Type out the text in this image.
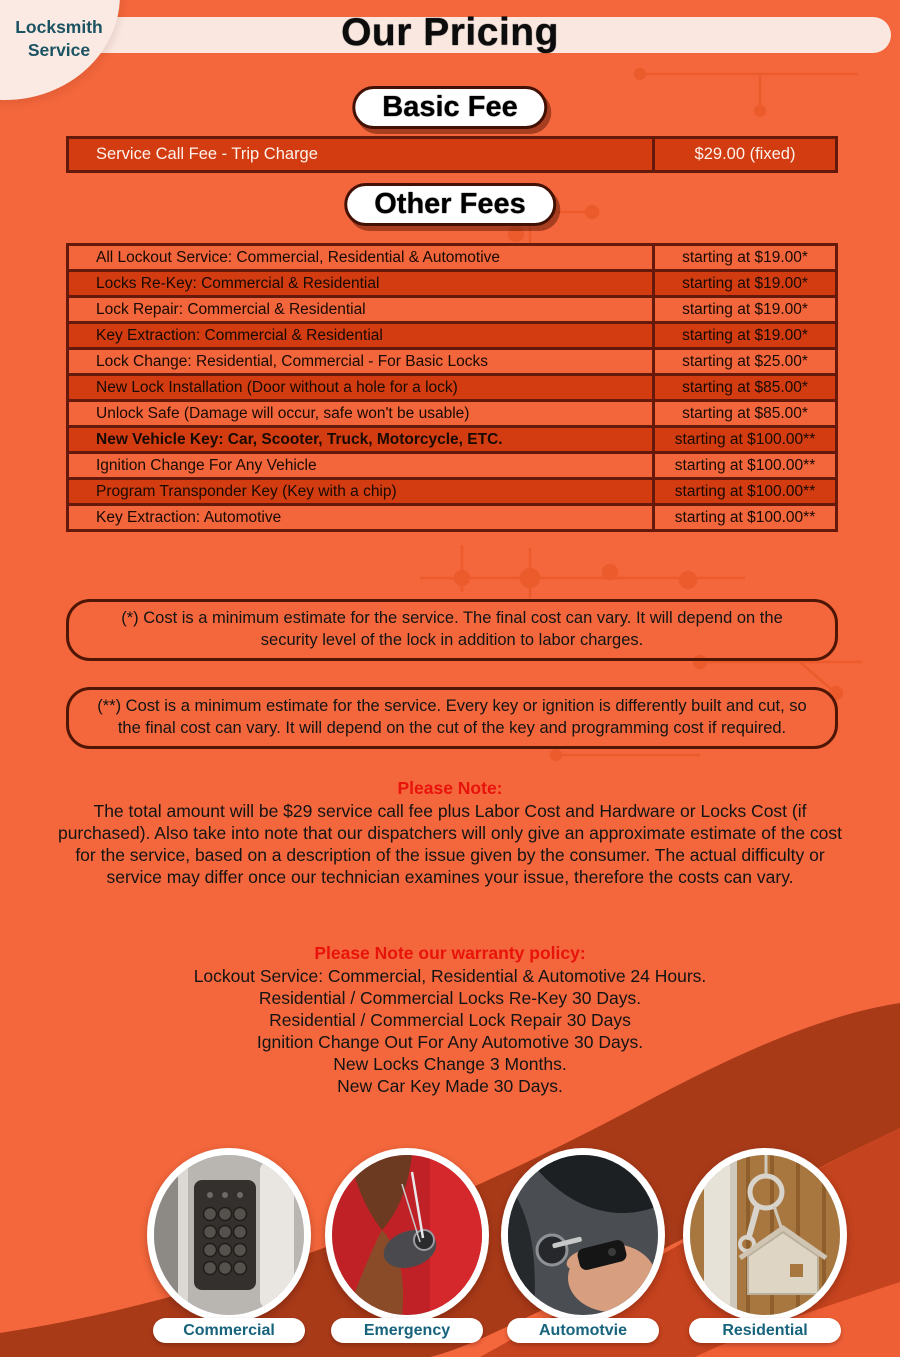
Locksmith
Service	Our Pricing
Basic Fee
Service Call Fee - Trip Charge	$29.00 (fixed)
Other Fees
All Lockout Service: Commercial, Residential & Automotive	starting at $19.00*
Locks Re-Key: Commercial & Residential	starting at $19.00*
Lock Repair: Commercial & Residential	starting at $19.00*
Key Extraction: Commercial & Residential	starting at $19.00*
Lock Change: Residential, Commercial - For Basic Locks	starting at $25.00*
New Lock Installation (Door without a hole for a lock)	starting at $85.00*
Unlock Safe (Damage will occur, safe won't be usable)	starting at $85.00*
New Vehicle Key: Car, Scooter, Truck, Motorcycle, ETC.	starting at $100.00**
Ignition Change For Any Vehicle	starting at $100.00**
Program Transponder Key (Key with a chip)	starting at $100.00**
Key Extraction: Automotive	starting at $100.00**
(*) Cost is a minimum estimate for the service. The final cost can vary. It will depend on the security level of the lock in addition to labor charges.
(**) Cost is a minimum estimate for the service. Every key or ignition is differently built and cut, so the final cost can vary. It will depend on the cut of the key and programming cost if required.
Please Note:
The total amount will be $29 service call fee plus Labor Cost and Hardware or Locks Cost (if purchased). Also take into note that our dispatchers will only give an approximate estimate of the cost for the service, based on a description of the issue given by the consumer. The actual difficulty or service may differ once our technician examines your issue, therefore the costs can vary.
Please Note our warranty policy:
Lockout Service: Commercial, Residential & Automotive 24 Hours.
Residential / Commercial Locks Re-Key 30 Days.
Residential / Commercial Lock Repair 30 Days
Ignition Change Out For Any Automotive 30 Days.
New Locks Change 3 Months.
New Car Key Made 30 Days.
Commercial	Emergency	Automotvie	Residential
